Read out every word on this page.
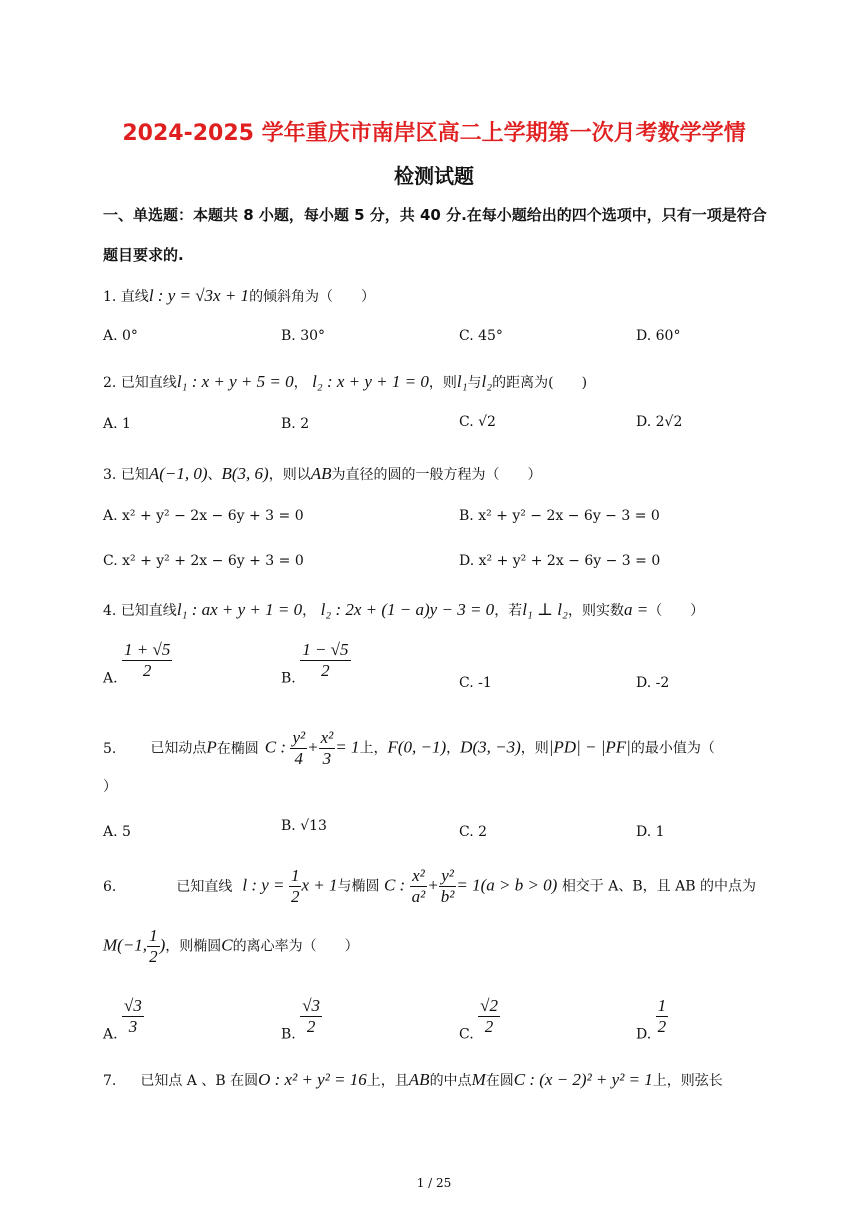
2024-2025 学年重庆市南岸区高二上学期第一次月考数学学情
检测试题
一、单选题：本题共 8 小题，每小题 5 分，共 40 分.在每小题给出的四个选项中，只有一项是符合
题目要求的.
1. 直线l : y = √3x + 1的倾斜角为（　　）
A. 0°	B. 30°	C. 45°	D. 60°
2. 已知直线l₁ : x + y + 5 = 0， l₂ : x + y + 1 = 0，则l₁与l₂的距离为(　　)
A. 1	B. 2	C. √2	D. 2√2
3. 已知A(−1, 0)、B(3, 6)，则以AB为直径的圆的一般方程为（　　）
A. x² + y² − 2x − 6y + 3 = 0	B. x² + y² − 2x − 6y − 3 = 0
C. x² + y² + 2x − 6y + 3 = 0	D. x² + y² + 2x − 6y − 3 = 0
4. 已知直线l₁ : ax + y + 1 = 0， l₂ : 2x + (1 − a)y − 3 = 0，若l₁ ⊥ l₂，则实数a =（　　）
A. $\frac{1 + √5}{2}$	B. $\frac{1 - √5}{2}$
C. -1	D. -2
5. 已知动点P在椭圆 C : $\frac{\text{y²}}{4} + \frac{\text{x²}}{3} = 1$上，F(0, −1)，D(3, −3)，则|PD| − |PF|的最小值为（
）
A. 5	B. √13	C. 2	D. 1
6.	已知直线 l : $y = \frac{1}{2}$ x + 1与椭圆 C : $\frac{\text{x²}}{\text{a²}} + \frac{\text{y²}}{\text{b²}} = 1(a > b > 0)$ 相交于 A、B，且 AB 的中点为
M(−1, $\frac{1}{2}$ )，则椭圆C的离心率为（　　）
A. $\frac{√3}{3}$	B. $\frac{√3}{2}$	C. $\frac{√2}{2}$	D. $\frac{1}{2}$
7. 已知点 A 、B 在圆O : x² + y² = 16上，且AB的中点M在圆C : (x − 2)² + y² = 1上，则弦长
1 / 25
